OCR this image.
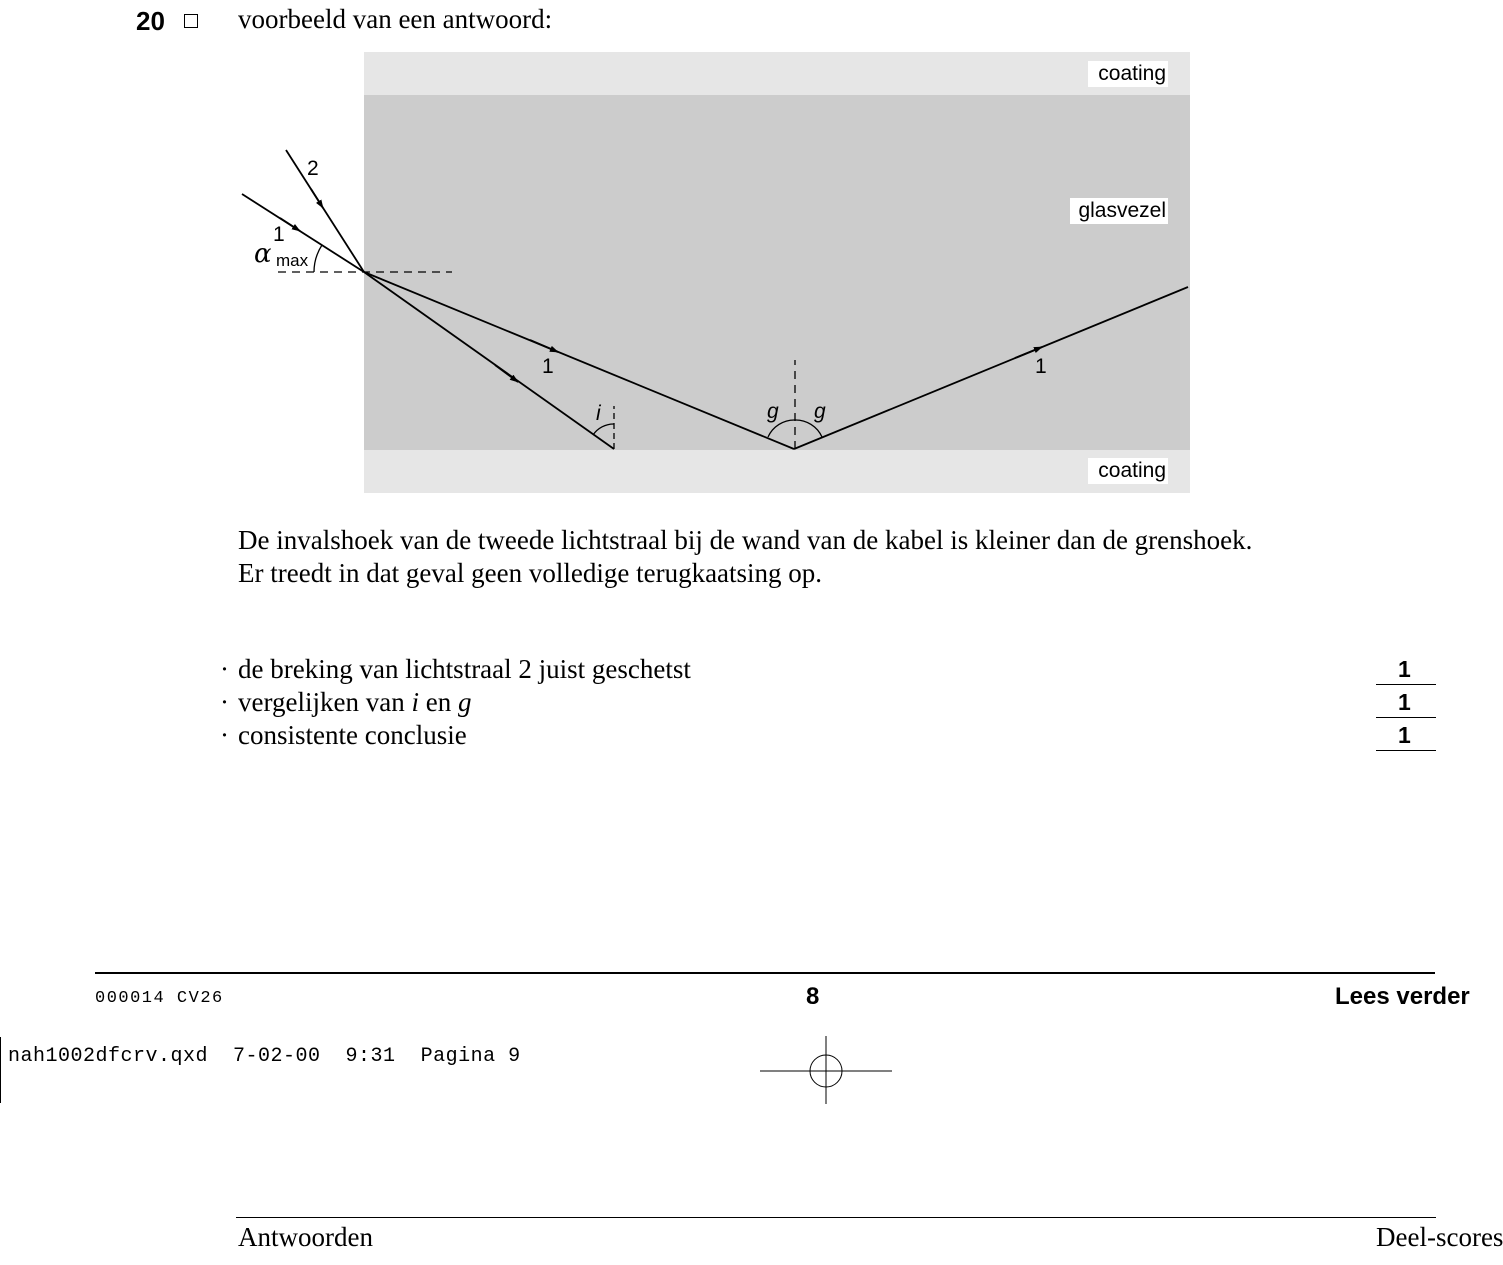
20	voorbeeld van een antwoord:
coating
glasvezel
coating
2
1
1	1
α max
i	g g

De invalshoek van de tweede lichtstraal bij de wand van de kabel is kleiner dan de grenshoek.

Er treedt in dat geval geen volledige terugkaatsing op.

· de breking van lichtstraal 2 juist geschetst	1
· vergelijken van i en g	1
· consistente conclusie	1
000014 CV26	8	Lees verder
nah1002dfcrv.qxd  7-02-00  9:31  Pagina 9
Antwoorden	Deel-scores
